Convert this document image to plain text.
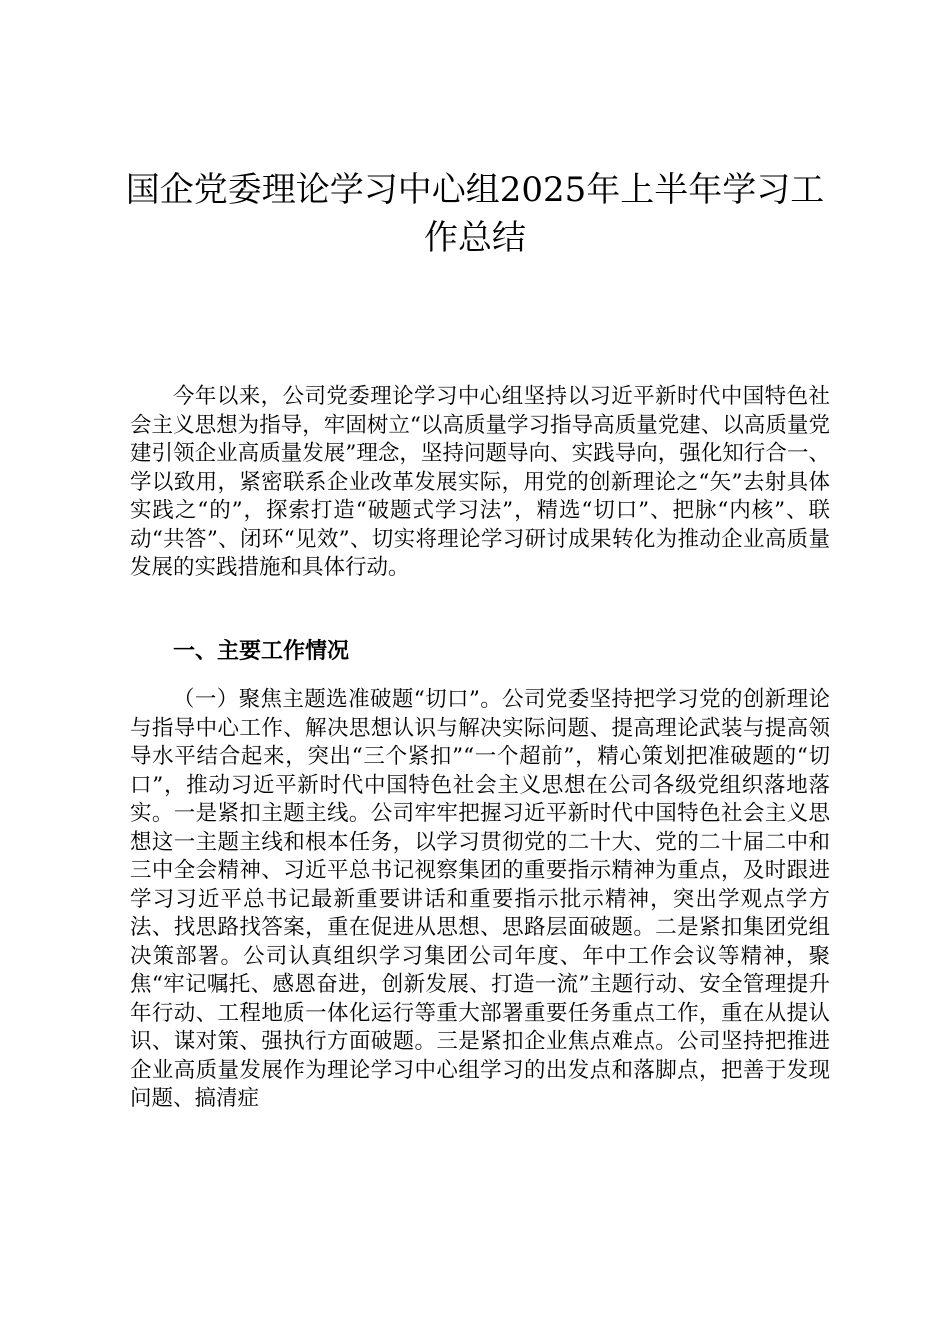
国企党委理论学习中心组2025年上半年学习工作总结

今年以来，公司党委理论学习中心组坚持以习近平新时代中国特色社会主义思想为指导，牢固树立“以高质量学习指导高质量党建、以高质量党建引领企业高质量发展”理念，坚持问题导向、实践导向，强化知行合一、学以致用，紧密联系企业改革发展实际，用党的创新理论之“矢”去射具体实践之“的”，探索打造“破题式学习法”，精选“切口”、把脉“内核”、联动“共答”、闭环“见效”、切实将理论学习研讨成果转化为推动企业高质量发展的实践措施和具体行动。

一、主要工作情况

（一）聚焦主题选准破题“切口”。公司党委坚持把学习党的创新理论与指导中心工作、解决思想认识与解决实际问题、提高理论武装与提高领导水平结合起来，突出“三个紧扣”“一个超前”，精心策划把准破题的“切口”，推动习近平新时代中国特色社会主义思想在公司各级党组织落地落实。一是紧扣主题主线。公司牢牢把握习近平新时代中国特色社会主义思想这一主题主线和根本任务，以学习贯彻党的二十大、党的二十届二中和三中全会精神、习近平总书记视察集团的重要指示精神为重点，及时跟进学习习近平总书记最新重要讲话和重要指示批示精神，突出学观点学方法、找思路找答案，重在促进从思想、思路层面破题。二是紧扣集团党组决策部署。公司认真组织学习集团公司年度、年中工作会议等精神，聚焦“牢记嘱托、感恩奋进，创新发展、打造一流”主题行动、安全管理提升年行动、工程地质一体化运行等重大部署重要任务重点工作，重在从提认识、谋对策、强执行方面破题。三是紧扣企业焦点难点。公司坚持把推进企业高质量发展作为理论学习中心组学习的出发点和落脚点，把善于发现问题、搞清症
